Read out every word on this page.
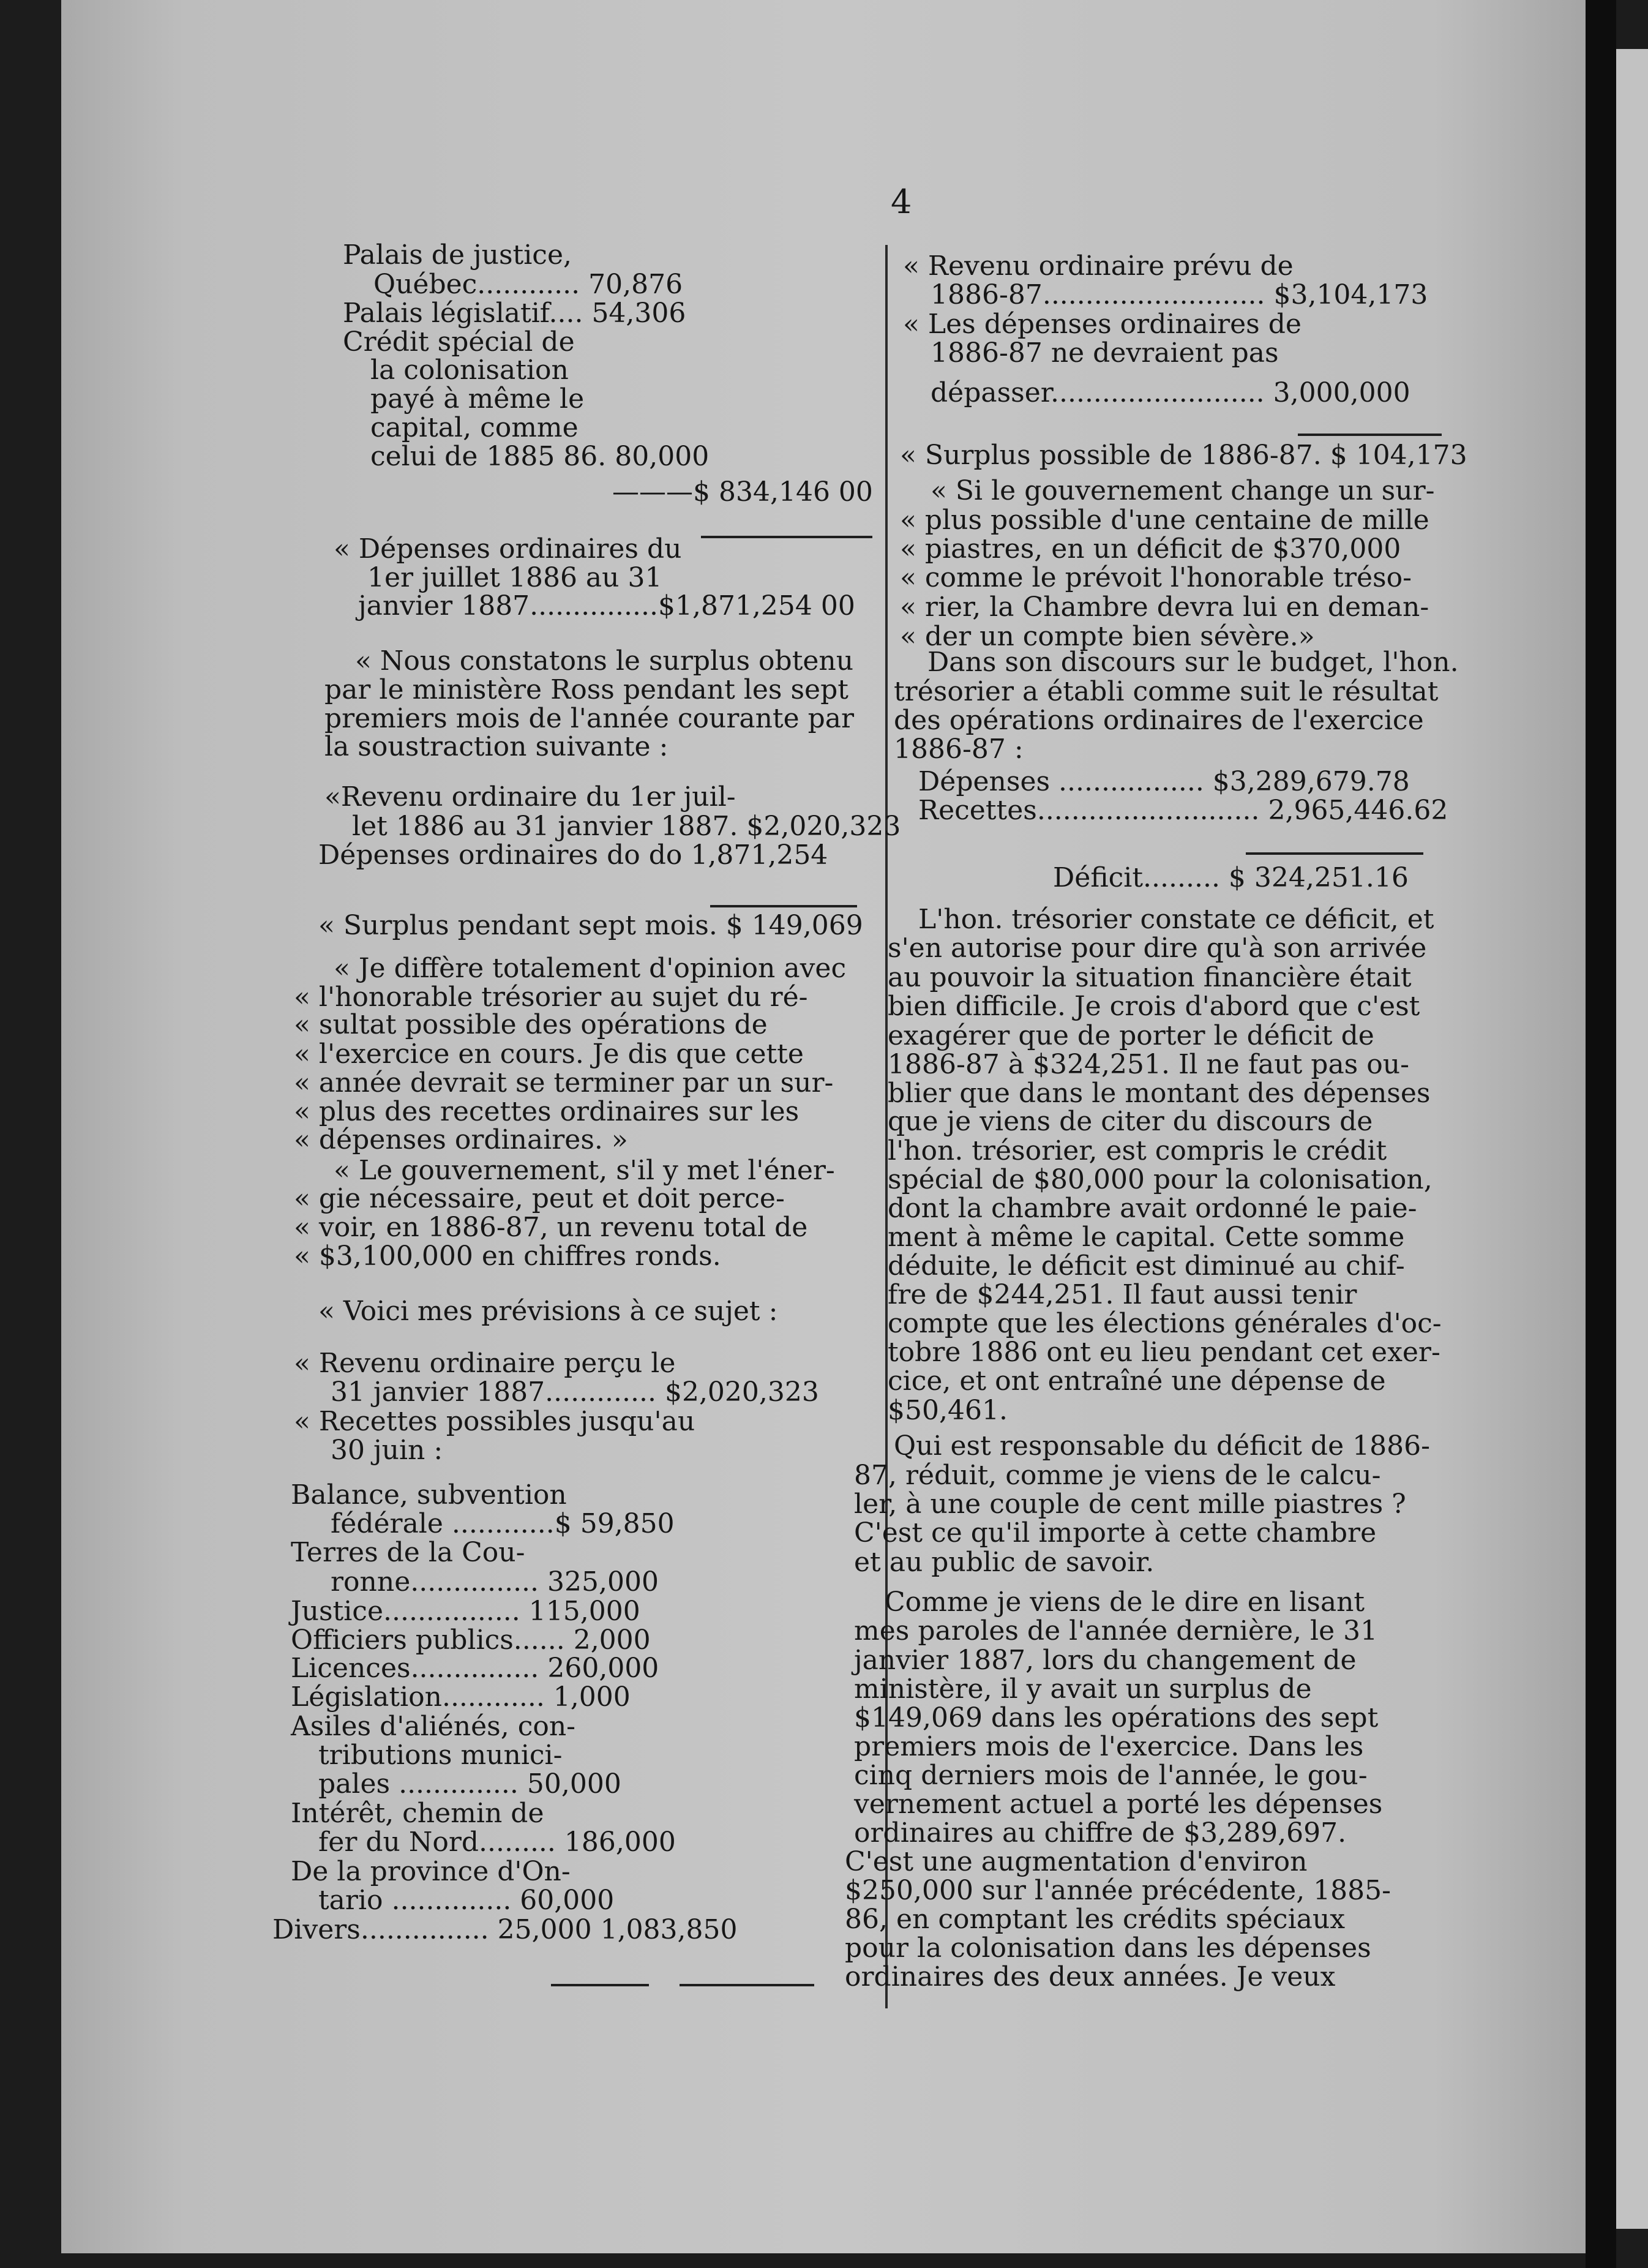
4
Palais de justice,
Québec............ 70,876
Palais législatif.... 54,306
Crédit spécial de
la colonisation
payé à même le
capital, comme
celui de 1885 86. 80,000
———$ 834,146 00
« Dépenses ordinaires du
1er juillet 1886 au 31
janvier 1887...............$1,871,254 00
« Nous constatons le surplus obtenu
par le ministère Ross pendant les sept
premiers mois de l'année courante par
la soustraction suivante :
«Revenu ordinaire du 1er juil-
let 1886 au 31 janvier 1887. $2,020,323
Dépenses ordinaires do do 1,871,254
« Surplus pendant sept mois. $ 149,069
« Je diffère totalement d'opinion avec
« l'honorable trésorier au sujet du ré-
« sultat possible des opérations de
« l'exercice en cours. Je dis que cette
« année devrait se terminer par un sur-
« plus des recettes ordinaires sur les
« dépenses ordinaires. »
« Le gouvernement, s'il y met l'éner-
« gie nécessaire, peut et doit perce-
« voir, en 1886-87, un revenu total de
« $3,100,000 en chiffres ronds.
« Voici mes prévisions à ce sujet :
« Revenu ordinaire perçu le
31 janvier 1887............. $2,020,323
« Recettes possibles jusqu'au
30 juin :
Balance, subvention
fédérale ............$ 59,850
Terres de la Cou-
ronne............... 325,000
Justice................ 115,000
Officiers publics...... 2,000
Licences............... 260,000
Législation............ 1,000
Asiles d'aliénés, con-
tributions munici-
pales .............. 50,000
Intérêt, chemin de
fer du Nord......... 186,000
De la province d'On-
tario .............. 60,000
Divers............... 25,000 1,083,850
« Revenu ordinaire prévu de
1886-87.......................... $3,104,173
« Les dépenses ordinaires de
1886-87 ne devraient pas
dépasser......................... 3,000,000
« Surplus possible de 1886-87. $ 104,173
« Si le gouvernement change un sur-
« plus possible d'une centaine de mille
« piastres, en un déficit de $370,000
« comme le prévoit l'honorable tréso-
« rier, la Chambre devra lui en deman-
« der un compte bien sévère.»
Dans son discours sur le budget, l'hon.
trésorier a établi comme suit le résultat
des opérations ordinaires de l'exercice
1886-87 :
Dépenses ................. $3,289,679.78
Recettes.......................... 2,965,446.62
Déficit......... $ 324,251.16
L'hon. trésorier constate ce déficit, et
s'en autorise pour dire qu'à son arrivée
au pouvoir la situation financière était
bien difficile. Je crois d'abord que c'est
exagérer que de porter le déficit de
1886-87 à $324,251. Il ne faut pas ou-
blier que dans le montant des dépenses
que je viens de citer du discours de
l'hon. trésorier, est compris le crédit
spécial de $80,000 pour la colonisation,
dont la chambre avait ordonné le paie-
ment à même le capital. Cette somme
déduite, le déficit est diminué au chif-
fre de $244,251. Il faut aussi tenir
compte que les élections générales d'oc-
tobre 1886 ont eu lieu pendant cet exer-
cice, et ont entraîné une dépense de
$50,461.
Qui est responsable du déficit de 1886-
87, réduit, comme je viens de le calcu-
ler, à une couple de cent mille piastres ?
C'est ce qu'il importe à cette chambre
et au public de savoir.
Comme je viens de le dire en lisant
mes paroles de l'année dernière, le 31
janvier 1887, lors du changement de
ministère, il y avait un surplus de
$149,069 dans les opérations des sept
premiers mois de l'exercice. Dans les
cinq derniers mois de l'année, le gou-
vernement actuel a porté les dépenses
ordinaires au chiffre de $3,289,697.
C'est une augmentation d'environ
$250,000 sur l'année précédente, 1885-
86, en comptant les crédits spéciaux
pour la colonisation dans les dépenses
ordinaires des deux années. Je veux
